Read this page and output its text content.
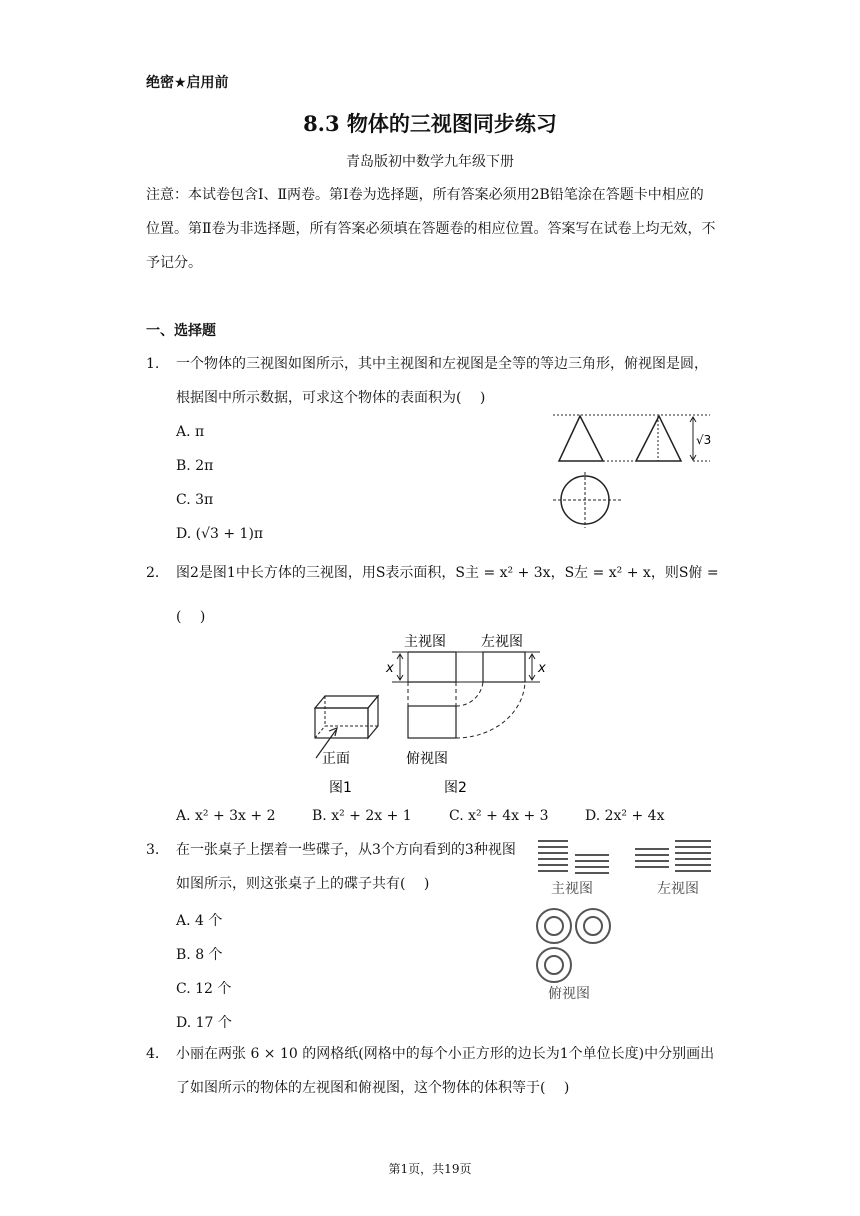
绝密★启用前
8.3 物体的三视图同步练习
青岛版初中数学九年级下册
注意：本试卷包含Ⅰ、Ⅱ两卷。第Ⅰ卷为选择题，所有答案必须用2B铅笔涂在答题卡中相应的位置。第Ⅱ卷为非选择题，所有答案必须填在答题卷的相应位置。答案写在试卷上均无效，不予记分。
一、选择题
1. 一个物体的三视图如图所示，其中主视图和左视图是全等的等边三角形，俯视图是圆，根据图中所示数据，可求这个物体的表面积为(　 )
A. π
B. 2π
C. 3π
D. (√3 + 1)π
√3
2. 图2是图1中长方体的三视图，用S表示面积，S主 = x² + 3x，S左 = x² + x，则S俯 =
(　 )
主视图	左视图
x	x
俯视图
正面
图1	图2
A. x² + 3x + 2	B. x² + 2x + 1	C. x² + 4x + 3	D. 2x² + 4x
3. 在一张桌子上摆着一些碟子，从3个方向看到的3种视图如图所示，则这张桌子上的碟子共有(　 )
A. 4 个
B. 8 个
C. 12 个
D. 17 个
主视图	左视图
俯视图
4. 小丽在两张 6 × 10 的网格纸(网格中的每个小正方形的边长为1个单位长度)中分别画出了如图所示的物体的左视图和俯视图，这个物体的体积等于(　 )
第1页，共19页
